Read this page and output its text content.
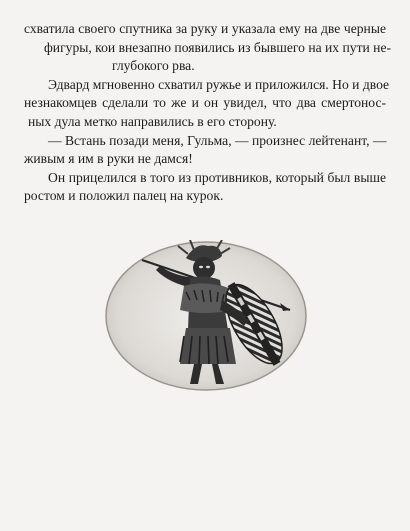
схватила своего спутника за руку и указала ему на две черные
фигуры, кои внезапно появились из бывшего на их пути не-
глубокого рва.
Эдвард мгновенно схватил ружье и приложился. Но и двое
незнакомцев сделали то же и он увидел, что два смертонос-
ных дула метко направились в его сторону.
— Встань позади меня, Гульма, — произнес лейтенант, —
живым я им в руки не дамся!
Он прицелился в того из противников, который был выше
ростом и положил палец на курок.
